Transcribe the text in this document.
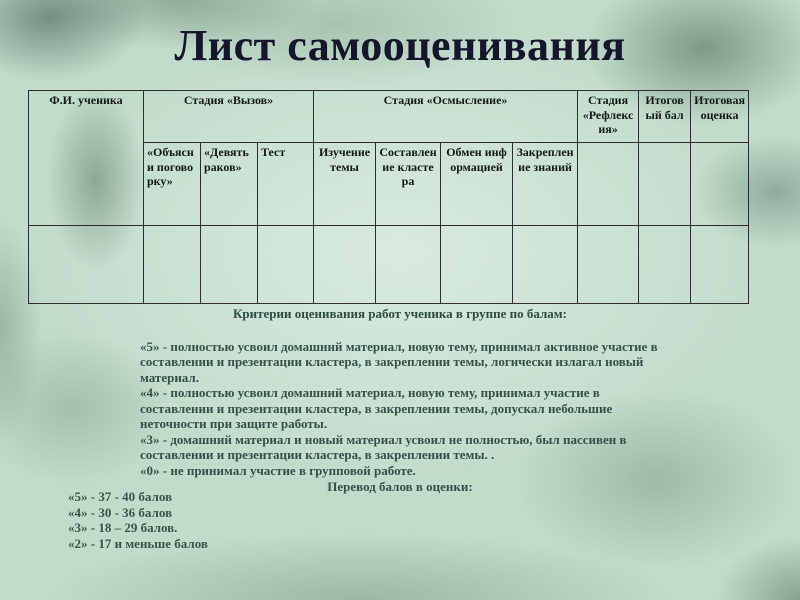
Лист самооценивания
Ф.И. ученика	Стадия «Вызов»			Стадия «Осмысление»				Стадия «Рефлексия»	Итоговый бал	Итоговая оценка
	«Объясни поговорку»	«Девять раков»	Тест	Изучение темы	Составление кластера	Обмен информацией	Закрепление знаний			

Критерии оценивания работ ученика в группе по балам:

«5» - полностью усвоил домашний материал, новую тему, принимал активное участие в составлении и презентации кластера, в закреплении темы, логически излагал новый материал.

«4» - полностью усвоил домашний материал, новую тему, принимал участие в составлении и презентации кластера, в закреплении темы, допускал небольшие неточности при защите работы.

«3» - домашний материал и новый материал усвоил не полностью, был пассивен в составлении и презентации кластера, в закреплении темы. .

«0» - не принимал участие в групповой работе.

Перевод балов в оценки:
«5» - 37 - 40 балов
«4» - 30 - 36 балов
«3» - 18 – 29 балов.
«2» - 17 и меньше балов
